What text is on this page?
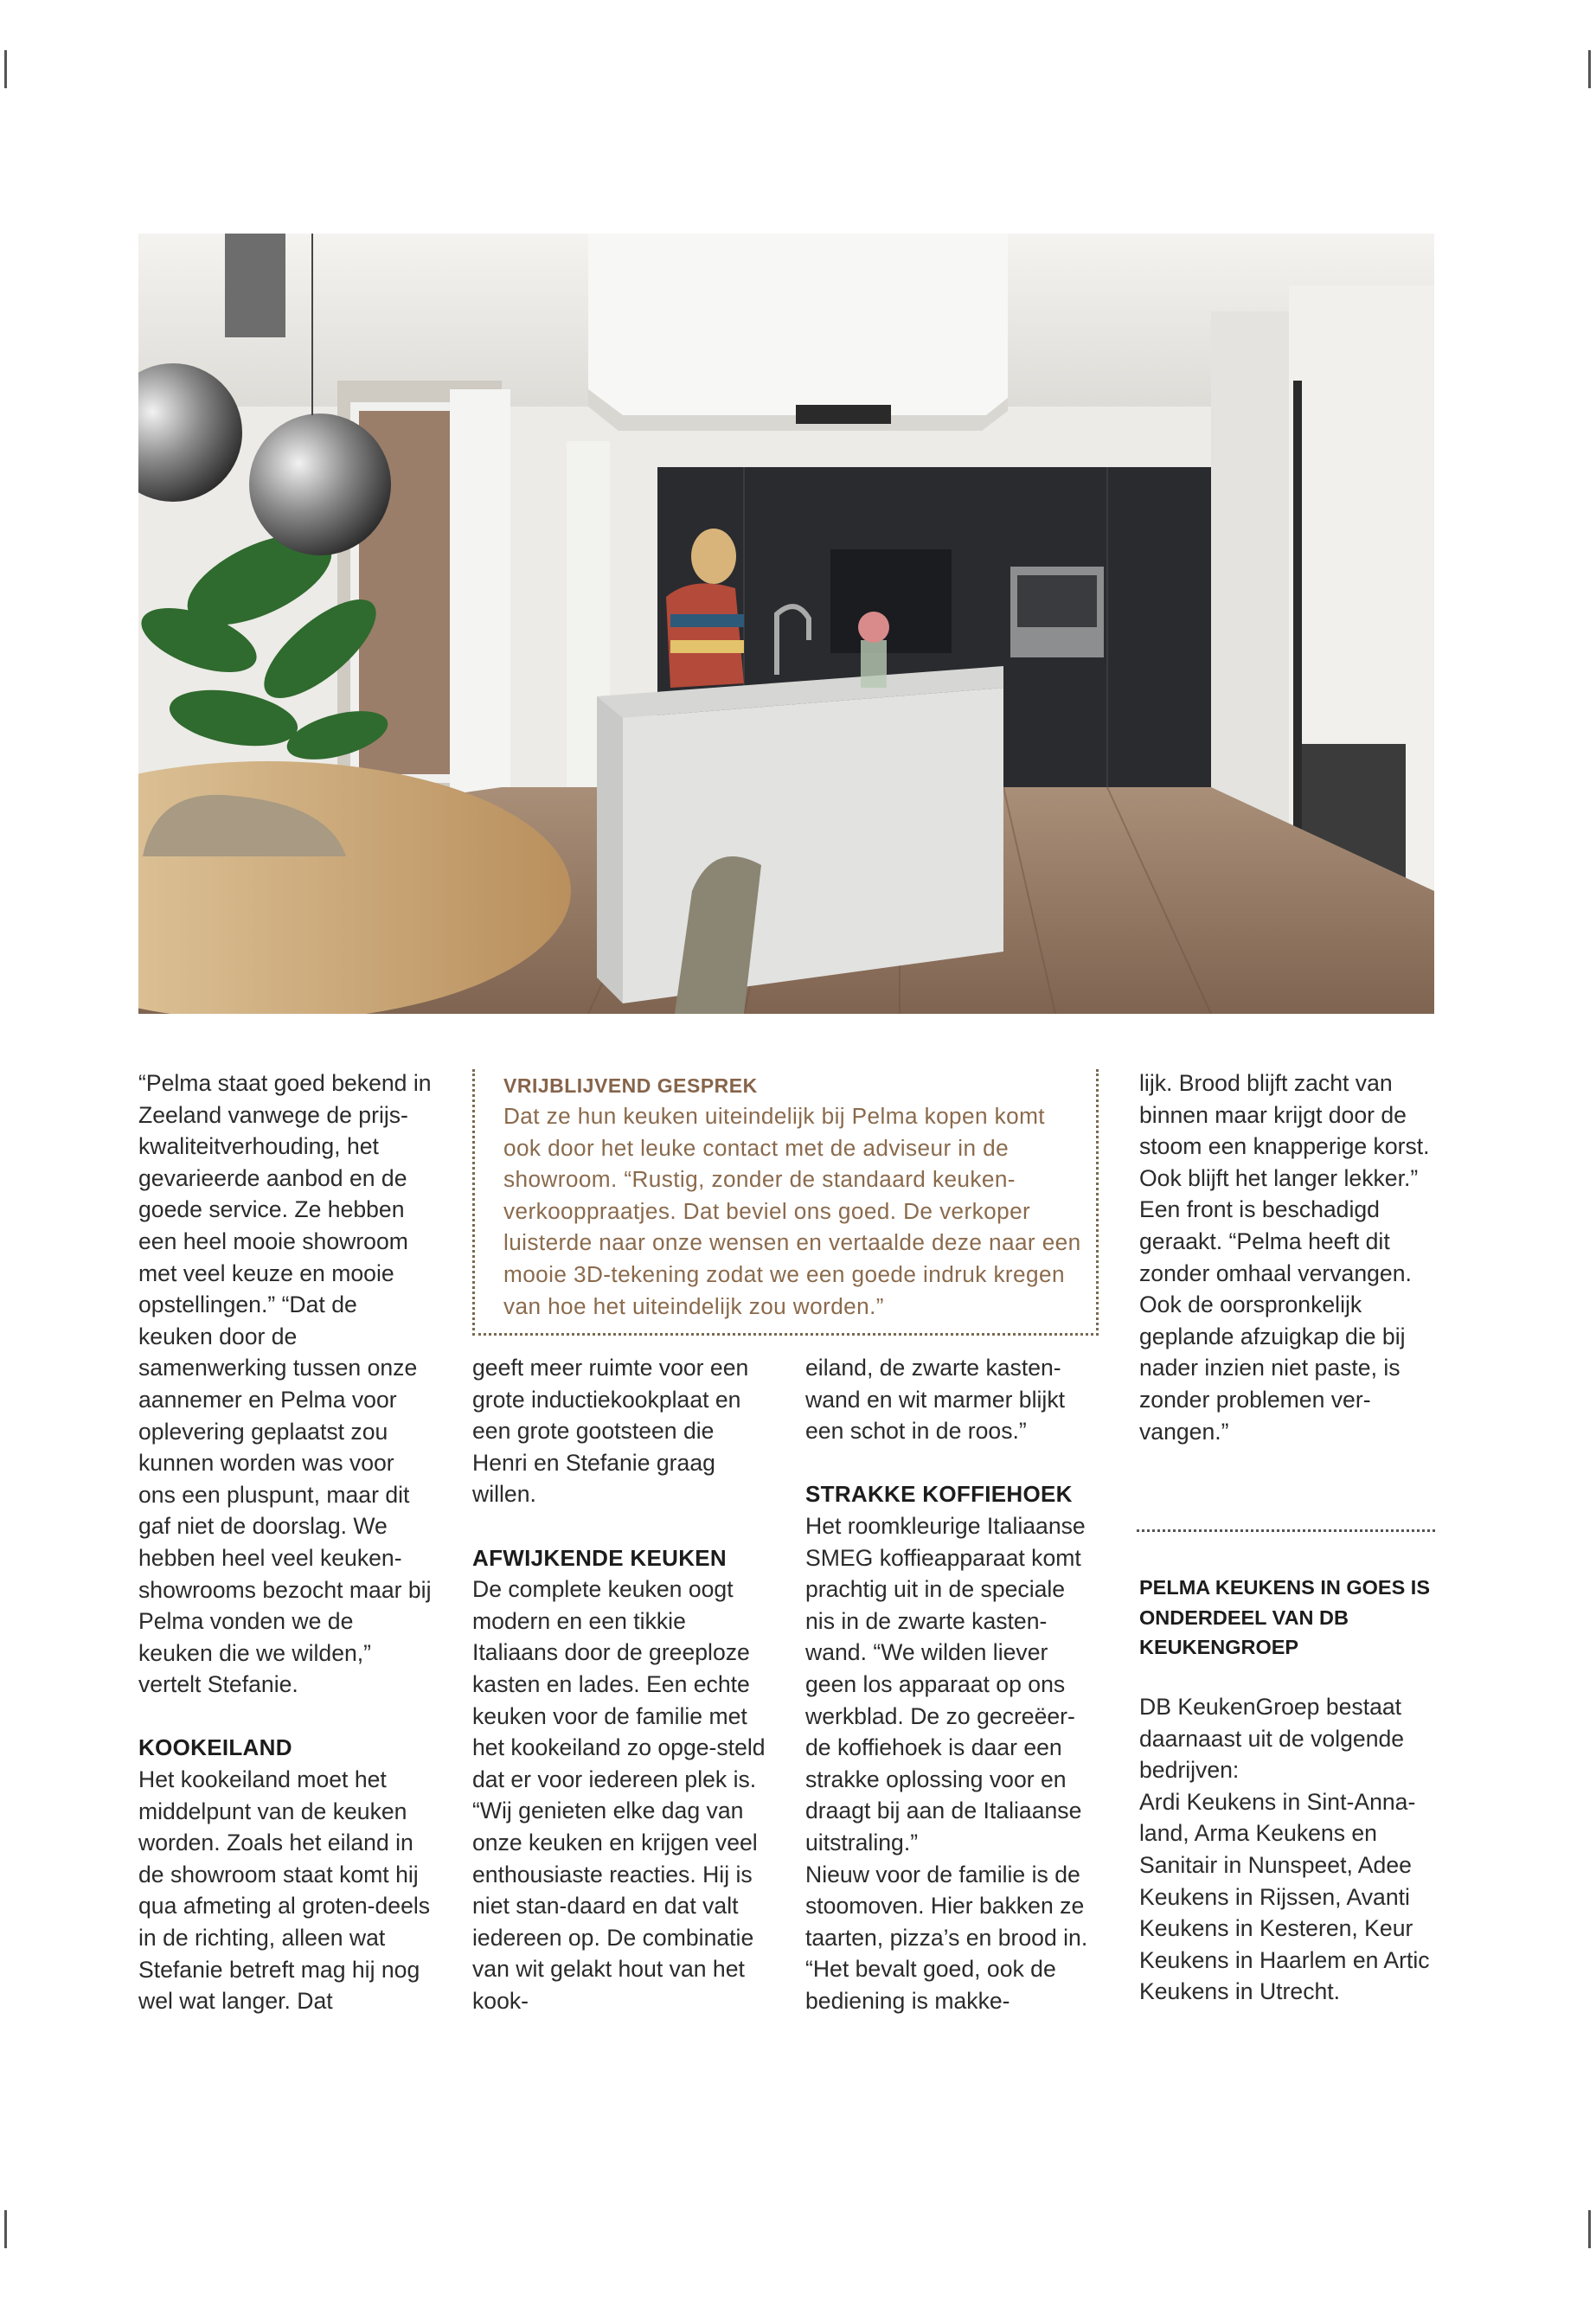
“Pelma staat goed bekend in Zeeland vanwege de prijs-kwaliteitverhouding, het gevarieerde aanbod en de goede service. Ze hebben een heel mooie showroom met veel keuze en mooie opstellingen.” “Dat de keuken door de samenwerking tussen onze aannemer en Pelma voor oplevering geplaatst zou kunnen worden was voor ons een pluspunt, maar dit gaf niet de doorslag. We hebben heel veel keuken-showrooms bezocht maar bij Pelma vonden we de keuken die we wilden,” vertelt Stefanie.

KOOKEILAND

Het kookeiland moet het middelpunt van de keuken worden. Zoals het eiland in de showroom staat komt hij qua afmeting al groten-deels in de richting, alleen wat Stefanie betreft mag hij nog wel wat langer. Dat

VRIJBLIJVEND GESPREK

Dat ze hun keuken uiteindelijk bij Pelma kopen komt ook door het leuke contact met de adviseur in de showroom. “Rustig, zonder de standaard keuken-verkooppraatjes. Dat beviel ons goed. De verkoper luisterde naar onze wensen en vertaalde deze naar een mooie 3D-tekening zodat we een goede indruk kregen van hoe het uiteindelijk zou worden.”

geeft meer ruimte voor een grote inductiekookplaat en een grote gootsteen die Henri en Stefanie graag willen.

AFWIJKENDE KEUKEN

De complete keuken oogt modern en een tikkie Italiaans door de greeploze kasten en lades. Een echte keuken voor de familie met het kookeiland zo opge-steld dat er voor iedereen plek is. “Wij genieten elke dag van onze keuken en krijgen veel enthousiaste reacties. Hij is niet stan-daard en dat valt iedereen op. De combinatie van wit gelakt hout van het kook-

eiland, de zwarte kasten-wand en wit marmer blijkt een schot in de roos.”

STRAKKE KOFFIEHOEK

Het roomkleurige Italiaanse SMEG koffieapparaat komt prachtig uit in de speciale nis in de zwarte kasten-wand. “We wilden liever geen los apparaat op ons werkblad. De zo gecreëer-de koffiehoek is daar een strakke oplossing voor en draagt bij aan de Italiaanse uitstraling.”

Nieuw voor de familie is de stoomoven. Hier bakken ze taarten, pizza’s en brood in. “Het bevalt goed, ook de bediening is makke-

lijk. Brood blijft zacht van binnen maar krijgt door de stoom een knapperige korst. Ook blijft het langer lekker.”

Een front is beschadigd geraakt. “Pelma heeft dit zonder omhaal vervangen. Ook de oorspronkelijk geplande afzuigkap die bij nader inzien niet paste, is zonder problemen ver-vangen.”

PELMA KEUKENS IN GOES IS ONDERDEEL VAN DB KEUKENGROEP

DB KeukenGroep bestaat daarnaast uit de volgende bedrijven:

Ardi Keukens in Sint-Anna-land, Arma Keukens en Sanitair in Nunspeet, Adee Keukens in Rijssen, Avanti Keukens in Kesteren, Keur Keukens in Haarlem en Artic Keukens in Utrecht.
